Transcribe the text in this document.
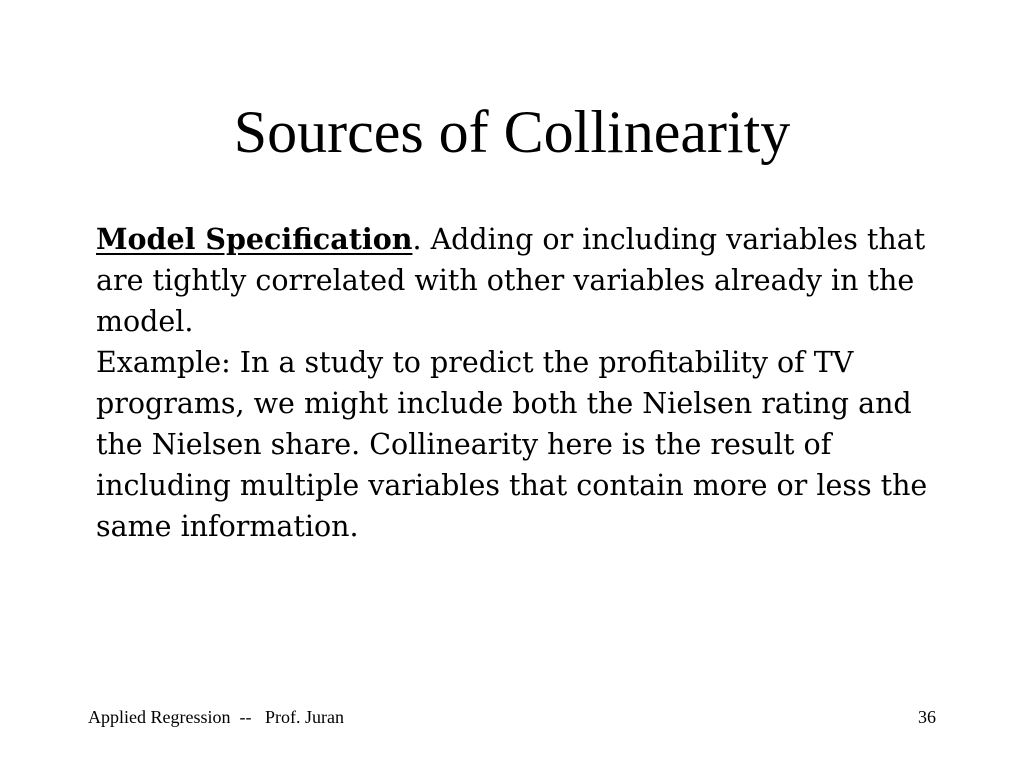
Sources of Collinearity

Model Specification. Adding or including variables that are tightly correlated with other variables already in the model.

Example: In a study to predict the profitability of TV programs, we might include both the Nielsen rating and the Nielsen share. Collinearity here is the result of including multiple variables that contain more or less the same information.

Applied Regression  --   Prof. Juran	36
